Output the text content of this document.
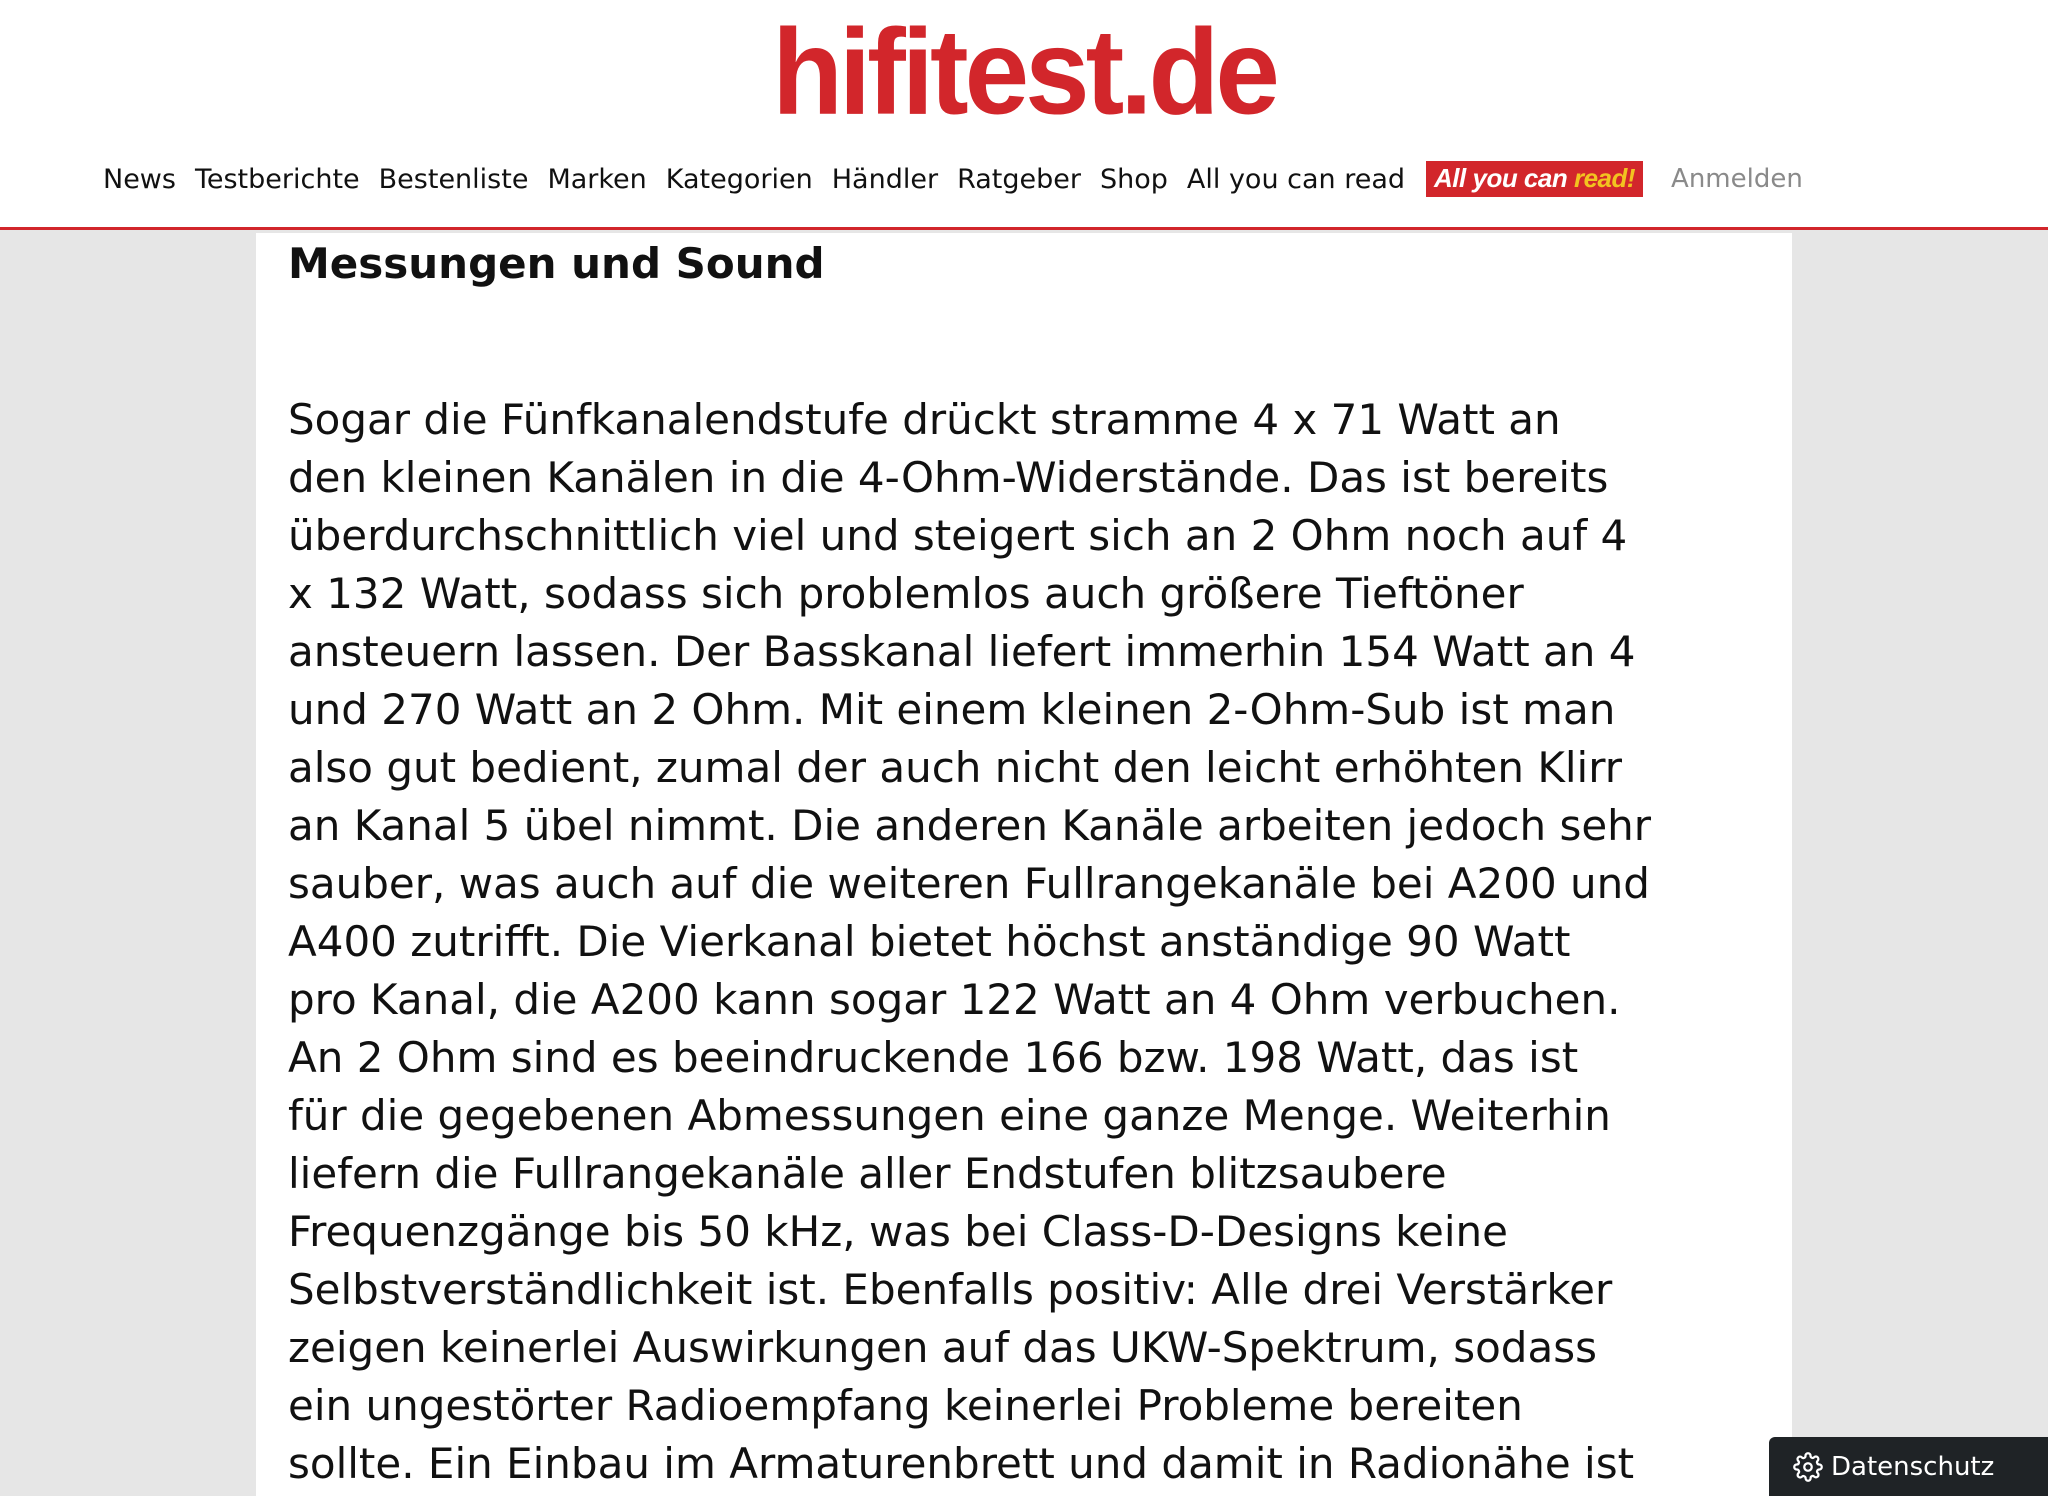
hifitest.de
News Testberichte Bestenliste Marken Kategorien Händler Ratgeber Shop All you can read	All you can read!	Anmelden
Messungen und Sound

Sogar die Fünfkanalendstufe drückt stramme 4 x 71 Watt an
den kleinen Kanälen in die 4-Ohm-Widerstände. Das ist bereits
überdurchschnittlich viel und steigert sich an 2 Ohm noch auf 4
x 132 Watt, sodass sich problemlos auch größere Tieftöner
ansteuern lassen. Der Basskanal liefert immerhin 154 Watt an 4
und 270 Watt an 2 Ohm. Mit einem kleinen 2-Ohm-Sub ist man
also gut bedient, zumal der auch nicht den leicht erhöhten Klirr
an Kanal 5 übel nimmt. Die anderen Kanäle arbeiten jedoch sehr
sauber, was auch auf die weiteren Fullrangekanäle bei A200 und
A400 zutrifft. Die Vierkanal bietet höchst anständige 90 Watt
pro Kanal, die A200 kann sogar 122 Watt an 4 Ohm verbuchen.
An 2 Ohm sind es beeindruckende 166 bzw. 198 Watt, das ist
für die gegebenen Abmessungen eine ganze Menge. Weiterhin
liefern die Fullrangekanäle aller Endstufen blitzsaubere
Frequenzgänge bis 50 kHz, was bei Class-D-Designs keine
Selbstverständlichkeit ist. Ebenfalls positiv: Alle drei Verstärker
zeigen keinerlei Auswirkungen auf das UKW-Spektrum, sodass
ein ungestörter Radioempfang keinerlei Probleme bereiten
sollte. Ein Einbau im Armaturenbrett und damit in Radionähe ist	Datenschutz
